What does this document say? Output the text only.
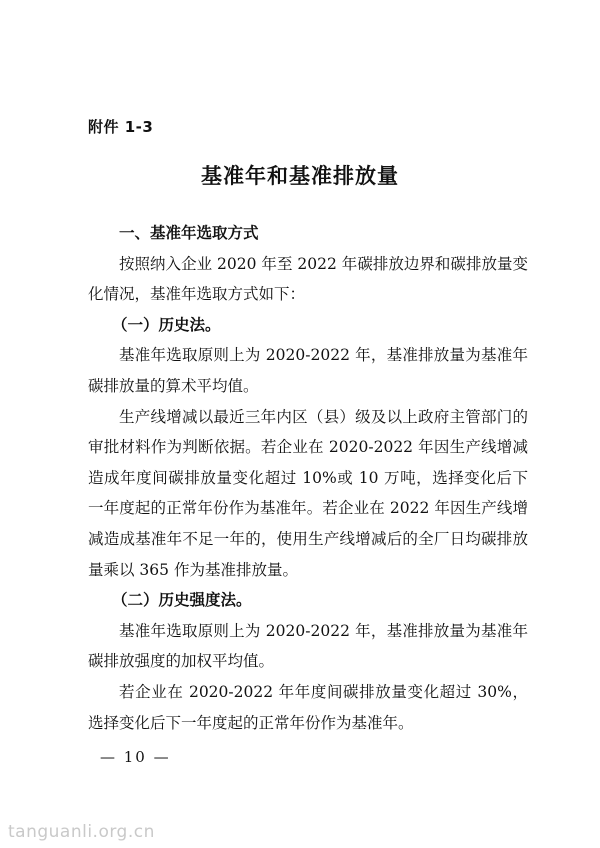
附件 1-3
基准年和基准排放量

一、基准年选取方式

按照纳入企业 2020 年至 2022 年碳排放边界和碳排放量变化情况，基准年选取方式如下：

（一）历史法。

基准年选取原则上为 2020-2022 年，基准排放量为基准年碳排放量的算术平均值。

生产线增减以最近三年内区（县）级及以上政府主管部门的审批材料作为判断依据。若企业在 2020-2022 年因生产线增减造成年度间碳排放量变化超过 10%或 10 万吨，选择变化后下一年度起的正常年份作为基准年。若企业在 2022 年因生产线增减造成基准年不足一年的，使用生产线增减后的全厂日均碳排放量乘以 365 作为基准排放量。

（二）历史强度法。

基准年选取原则上为 2020-2022 年，基准排放量为基准年碳排放强度的加权平均值。

若企业在 2020-2022 年年度间碳排放量变化超过 30%，选择变化后下一年度起的正常年份作为基准年。

— 10 —
tanguanli.org.cn
